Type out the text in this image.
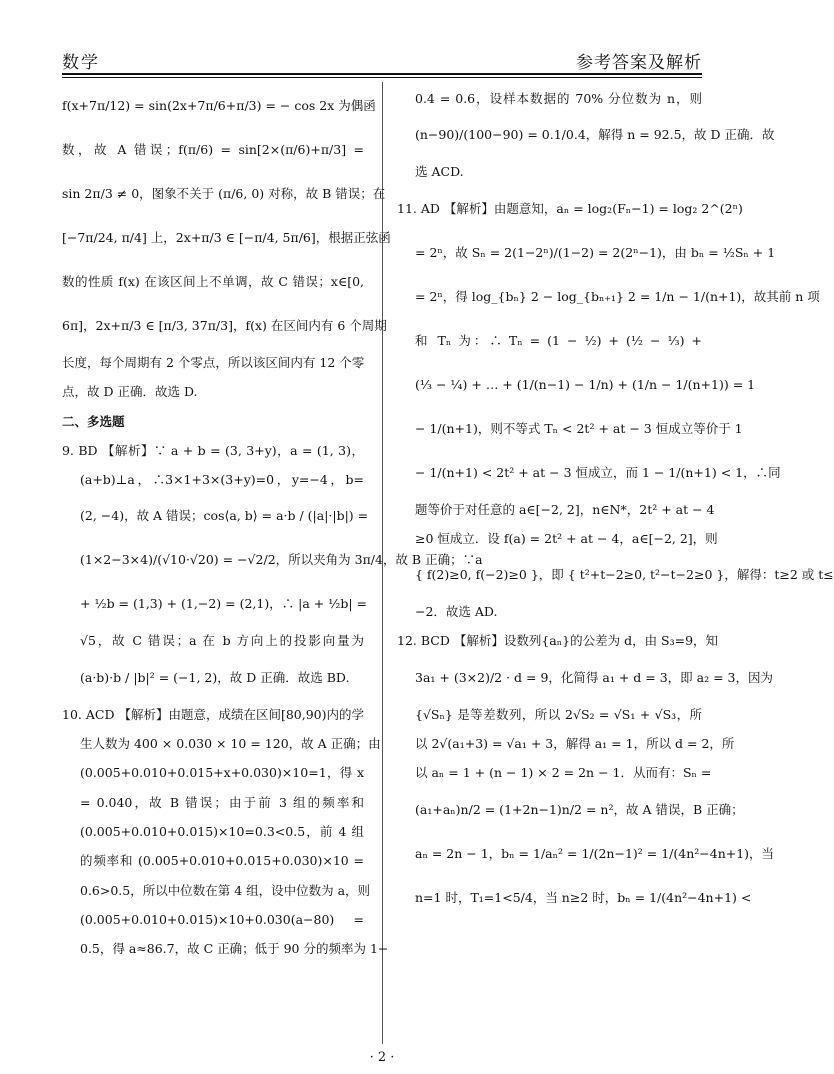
数学	参考答案及解析
f(x+7π/12) = sin(2x+7π/6+π/3) = − cos 2x 为偶函
数，故 A 错误；f(π/6) = sin[2×(π/6)+π/3] =
sin 2π/3 ≠ 0，图象不关于 (π/6, 0) 对称，故 B 错误；在
[−7π/24, π/4] 上，2x+π/3 ∈ [−π/4, 5π/6]，根据正弦函
数的性质 f(x) 在该区间上不单调，故 C 错误；x∈[0,
6π]，2x+π/3 ∈ [π/3, 37π/3]，f(x) 在区间内有 6 个周期
长度，每个周期有 2 个零点，所以该区间内有 12 个零
点，故 D 正确．故选 D.
二、多选题
9. BD 【解析】∵ a + b = (3, 3+y)，a = (1, 3)，
(a+b)⊥a，∴3×1+3×(3+y)=0，y=−4，b=
(2, −4)，故 A 错误；cos⟨a, b⟩ = a·b / (|a|·|b|) =
(1×2−3×4)/(√10·√20) = −√2/2，所以夹角为 3π/4，故 B 正确；∵a
+ ½b = (1,3) + (1,−2) = (2,1)，∴ |a + ½b| =
√5，故 C 错误；a 在 b 方向上的投影向量为
(a·b)·b / |b|² = (−1, 2)，故 D 正确．故选 BD.
10. ACD 【解析】由题意，成绩在区间[80,90)内的学
生人数为 400 × 0.030 × 10 = 120，故 A 正确；由
(0.005+0.010+0.015+x+0.030)×10=1，得 x
= 0.040，故 B 错误；由于前 3 组的频率和
(0.005+0.010+0.015)×10=0.3<0.5，前 4 组
的频率和 (0.005+0.010+0.015+0.030)×10 =
0.6>0.5，所以中位数在第 4 组，设中位数为 a，则
(0.005+0.010+0.015)×10+0.030(a−80) =
0.5，得 a≈86.7，故 C 正确；低于 90 分的频率为 1−
0.4 = 0.6，设样本数据的 70% 分位数为 n，则
(n−90)/(100−90) = 0.1/0.4，解得 n = 92.5，故 D 正确．故
选 ACD.
11. AD 【解析】由题意知，aₙ = log₂(Fₙ−1) = log₂ 2^(2ⁿ)
= 2ⁿ，故 Sₙ = 2(1−2ⁿ)/(1−2) = 2(2ⁿ−1)，由 bₙ = ½Sₙ + 1
= 2ⁿ，得 log_{bₙ} 2 − log_{bₙ₊₁} 2 = 1/n − 1/(n+1)，故其前 n 项
和 Tₙ 为：∴ Tₙ = (1 − ½) + (½ − ⅓) +
(⅓ − ¼) + … + (1/(n−1) − 1/n) + (1/n − 1/(n+1)) = 1
− 1/(n+1)，则不等式 Tₙ < 2t² + at − 3 恒成立等价于 1
− 1/(n+1) < 2t² + at − 3 恒成立，而 1 − 1/(n+1) < 1，∴同
题等价于对任意的 a∈[−2, 2]，n∈N*，2t² + at − 4
≥0 恒成立．设 f(a) = 2t² + at − 4，a∈[−2, 2]，则
{ f(2)≥0, f(−2)≥0 }，即 { t²+t−2≥0, t²−t−2≥0 }，解得：t≥2 或 t≤
−2．故选 AD.
12. BCD 【解析】设数列{aₙ}的公差为 d，由 S₃=9，知
3a₁ + (3×2)/2 · d = 9，化简得 a₁ + d = 3，即 a₂ = 3，因为
{√Sₙ} 是等差数列，所以 2√S₂ = √S₁ + √S₃，所
以 2√(a₁+3) = √a₁ + 3，解得 a₁ = 1，所以 d = 2，所
以 aₙ = 1 + (n − 1) × 2 = 2n − 1．从而有：Sₙ =
(a₁+aₙ)n/2 = (1+2n−1)n/2 = n²，故 A 错误，B 正确；
aₙ = 2n − 1，bₙ = 1/aₙ² = 1/(2n−1)² = 1/(4n²−4n+1)，当
n=1 时，T₁=1<5/4，当 n≥2 时，bₙ = 1/(4n²−4n+1) <
· 2 ·
